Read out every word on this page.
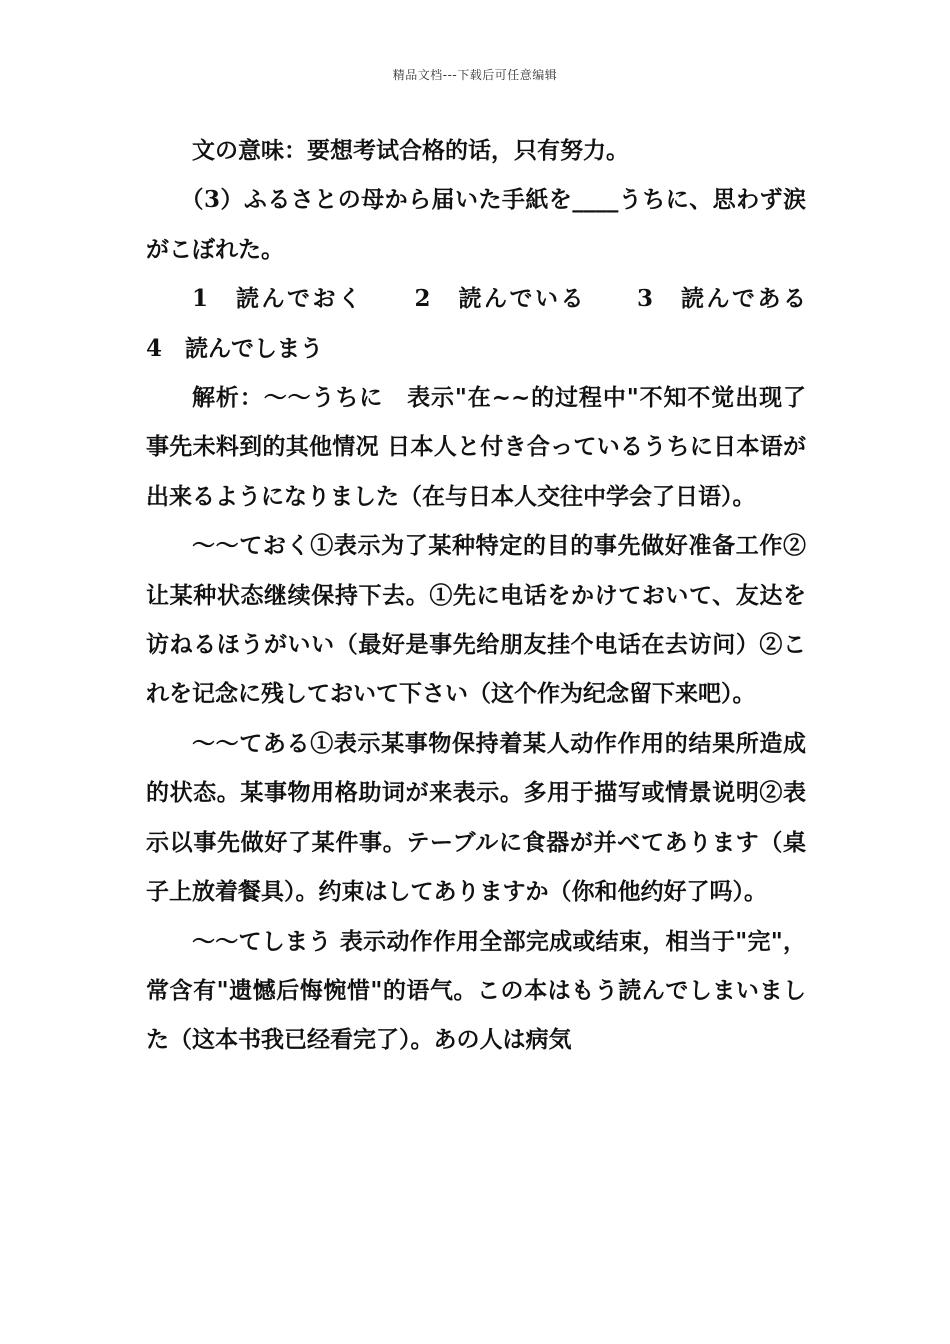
精品文档---下载后可任意编辑

文の意味：要想考试合格的话，只有努力。

（3）ふるさとの母から届いた手紙を____うちに、思わず涙がこぼれた。

1　読んでおく　　2　読んでいる　　3　読んである　　4　読んでしまう

解析：～～うちに　表示"在~~的过程中"不知不觉出现了事先未料到的其他情况 日本人と付き合っているうちに日本语が出来るようになりました（在与日本人交往中学会了日语）。

～～ておく①表示为了某种特定的目的事先做好准备工作②让某种状态继续保持下去。①先に电话をかけておいて、友达を访ねるほうがいい（最好是事先给朋友挂个电话在去访问）②これを记念に残しておいて下さい（这个作为纪念留下来吧）。

～～てある①表示某事物保持着某人动作作用的结果所造成的状态。某事物用格助词が来表示。多用于描写或情景说明②表示以事先做好了某件事。テーブルに食器が并べてあります（桌子上放着餐具）。约束はしてありますか（你和他约好了吗）。

～～てしまう 表示动作作用全部完成或结束，相当于"完"，常含有"遗憾后悔惋惜"的语气。この本はもう読んでしまいました（这本书我已经看完了）。あの人は病気
